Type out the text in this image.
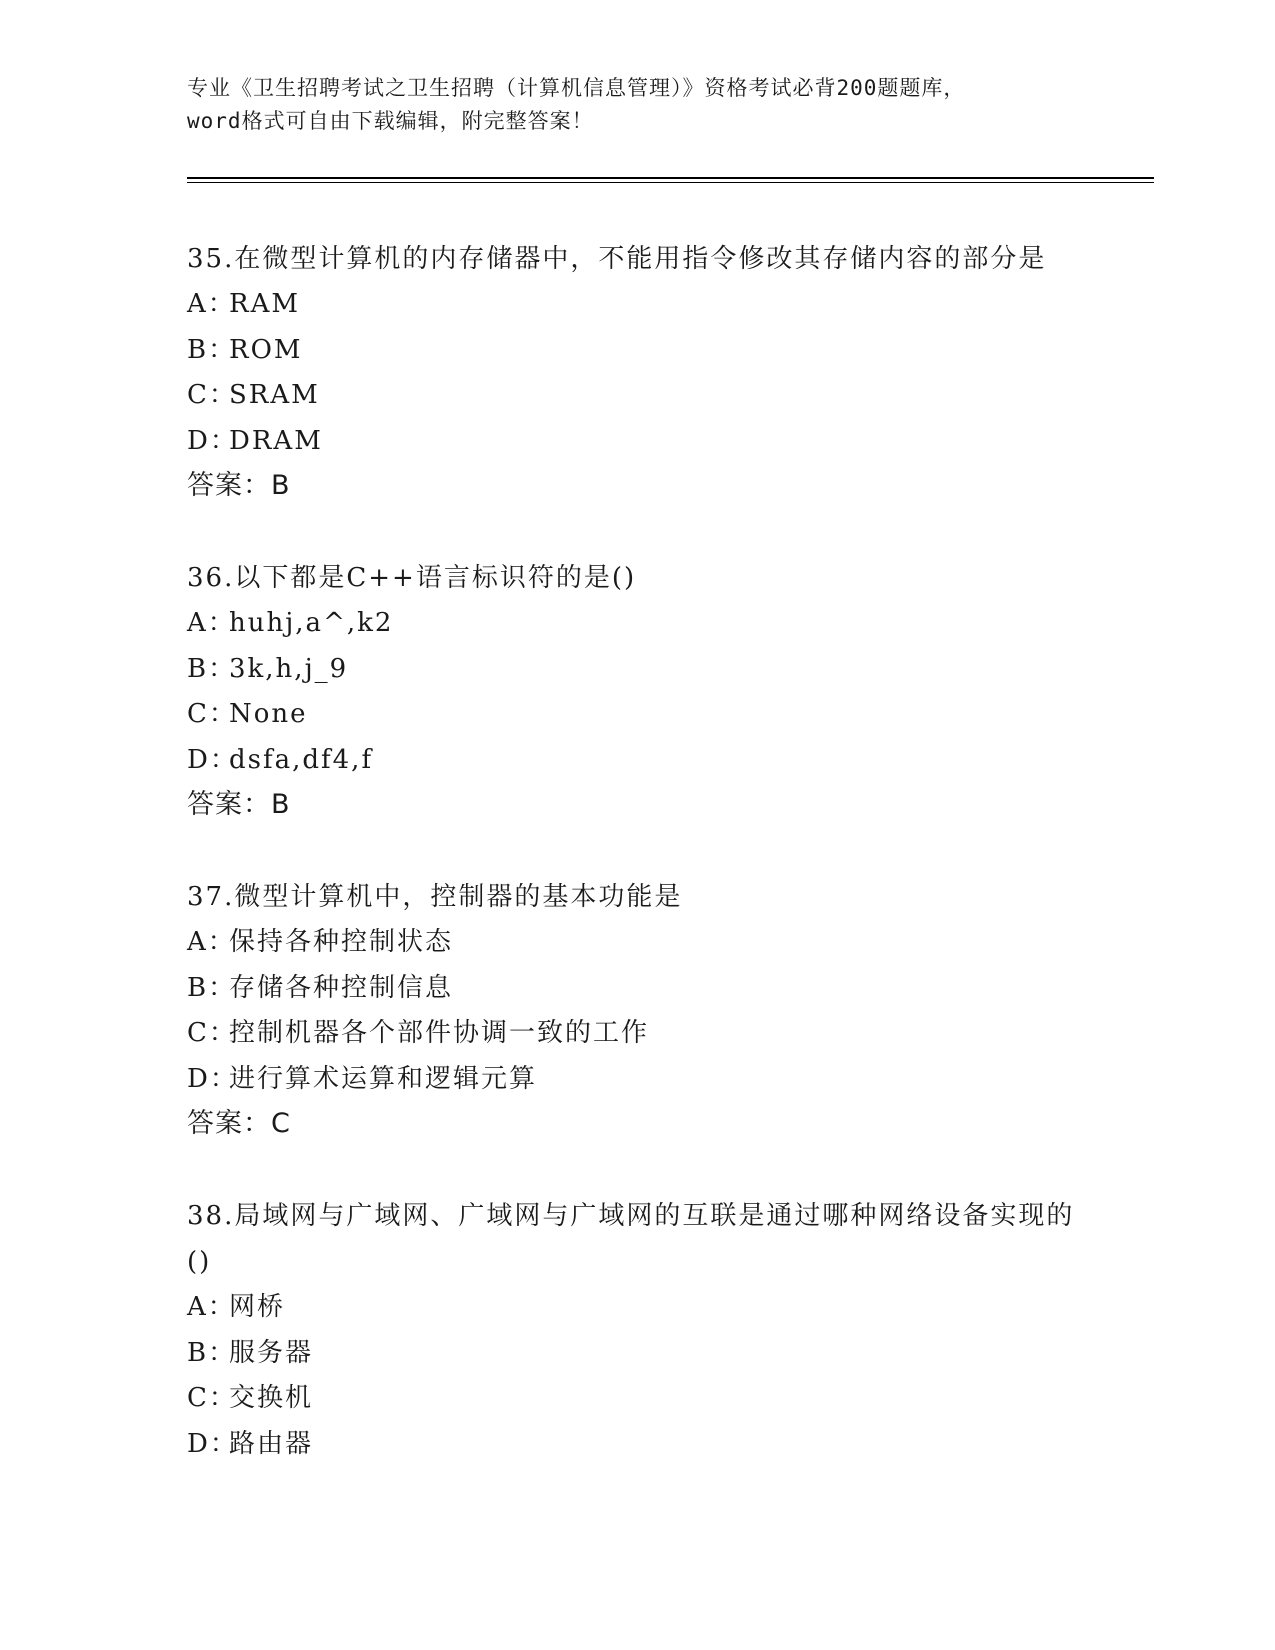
专业《卫生招聘考试之卫生招聘（计算机信息管理）》资格考试必背200题题库，
word格式可自由下载编辑，附完整答案！

35.在微型计算机的内存储器中，不能用指令修改其存储内容的部分是

A：RAM

B：ROM

C：SRAM

D：DRAM

答案：B

36.以下都是C++语言标识符的是()

A：huhj,a^,k2

B：3k,h,j_9

C：None

D：dsfa,df4,f

答案：B

37.微型计算机中，控制器的基本功能是

A：保持各种控制状态

B：存储各种控制信息

C：控制机器各个部件协调一致的工作

D：进行算术运算和逻辑元算

答案：C

38.局域网与广域网、广域网与广域网的互联是通过哪种网络设备实现的()

A：网桥

B：服务器

C：交换机

D：路由器
